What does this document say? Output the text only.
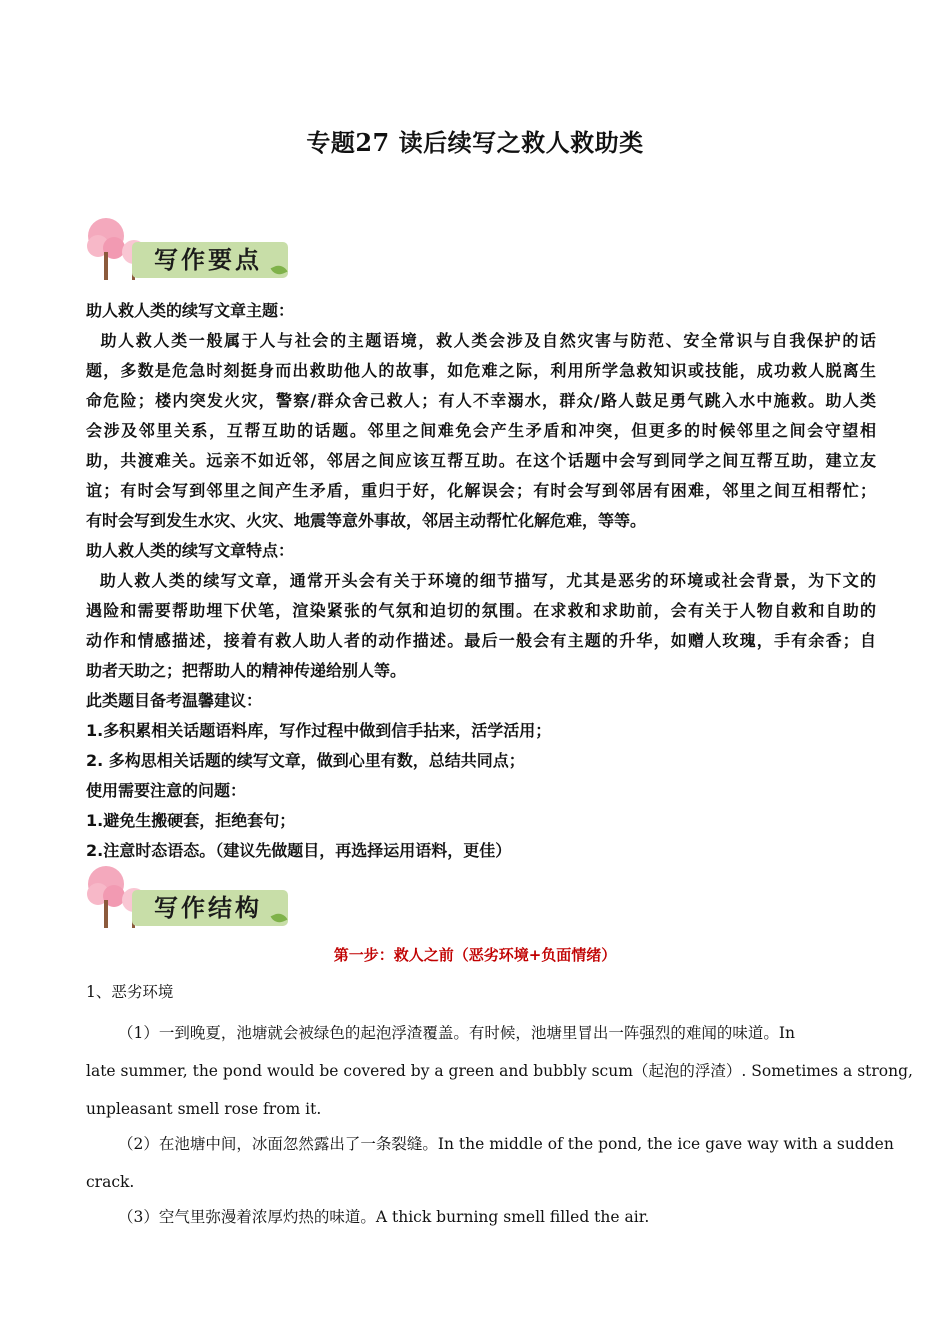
专题27 读后续写之救人救助类
写作要点
助人救人类的续写文章主题：
助人救人类一般属于人与社会的主题语境，救人类会涉及自然灾害与防范、安全常识与自我保护的话
题，多数是危急时刻挺身而出救助他人的故事，如危难之际，利用所学急救知识或技能，成功救人脱离生
命危险；楼内突发火灾，警察/群众舍己救人；有人不幸溺水，群众/路人鼓足勇气跳入水中施救。助人类
会涉及邻里关系，互帮互助的话题。邻里之间难免会产生矛盾和冲突，但更多的时候邻里之间会守望相
助，共渡难关。远亲不如近邻，邻居之间应该互帮互助。在这个话题中会写到同学之间互帮互助，建立友
谊；有时会写到邻里之间产生矛盾，重归于好，化解误会；有时会写到邻居有困难，邻里之间互相帮忙；
有时会写到发生水灾、火灾、地震等意外事故，邻居主动帮忙化解危难，等等。
助人救人类的续写文章特点：
助人救人类的续写文章，通常开头会有关于环境的细节描写，尤其是恶劣的环境或社会背景，为下文的
遇险和需要帮助埋下伏笔，渲染紧张的气氛和迫切的氛围。在求救和求助前，会有关于人物自救和自助的
动作和情感描述，接着有救人助人者的动作描述。最后一般会有主题的升华，如赠人玫瑰，手有余香；自
助者天助之；把帮助人的精神传递给别人等。
此类题目备考温馨建议：
1.多积累相关话题语料库，写作过程中做到信手拈来，活学活用；
2. 多构思相关话题的续写文章，做到心里有数，总结共同点；
使用需要注意的问题：
1.避免生搬硬套，拒绝套句；
2.注意时态语态。（建议先做题目，再选择运用语料，更佳）
写作结构
第一步：救人之前（恶劣环境+负面情绪）
1、恶劣环境
（1）一到晚夏，池塘就会被绿色的起泡浮渣覆盖。有时候，池塘里冒出一阵强烈的难闻的味道。In
late summer, the pond would be covered by a green and bubbly scum（起泡的浮渣）. Sometimes a strong,
unpleasant smell rose from it.
（2）在池塘中间，冰面忽然露出了一条裂缝。In the middle of the pond, the ice gave way with a sudden
crack.
（3）空气里弥漫着浓厚灼热的味道。A thick burning smell filled the air.
